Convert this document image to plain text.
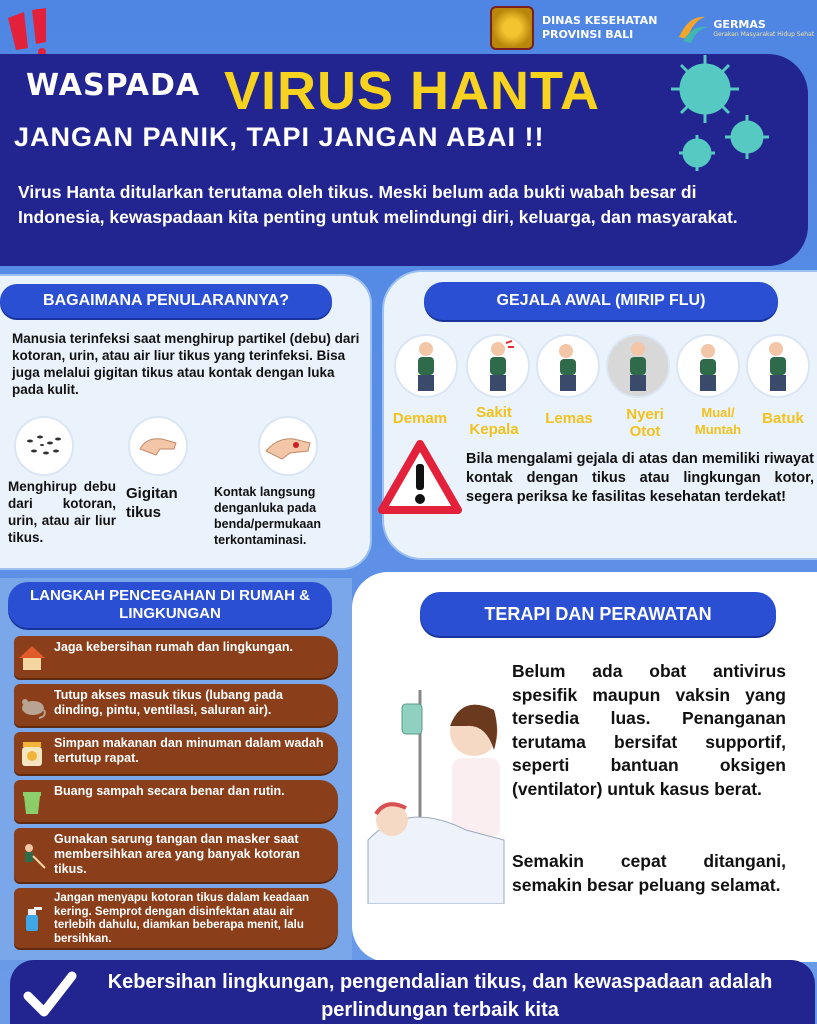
DINAS KESEHATAN
PROVINSI BALI
GERMAS
Gerakan Masyarakat Hidup Sehat
WASPADA VIRUS HANTA
JANGAN PANIK, TAPI JANGAN ABAI !!
Virus Hanta ditularkan terutama oleh tikus. Meski belum ada bukti wabah besar di Indonesia, kewaspadaan kita penting untuk melindungi diri, keluarga, dan masyarakat.
BAGAIMANA PENULARANNYA?
Manusia terinfeksi saat menghirup partikel (debu) dari kotoran, urin, atau air liur tikus yang terinfeksi. Bisa juga melalui gigitan tikus atau kontak dengan luka pada kulit.
Menghirup debu dari kotoran, urin, atau air liur tikus.
Gigitan tikus
Kontak langsung denganluka pada benda/permukaan terkontaminasi.
GEJALA AWAL (MIRIP FLU)
Demam	Sakit Kepala
Lemas	Nyeri Otot
Mual/ Muntah
Batuk
Bila mengalami gejala di atas dan memiliki riwayat kontak dengan tikus atau lingkungan kotor, segera periksa ke fasilitas kesehatan terdekat!
LANGKAH PENCEGAHAN DI RUMAH & LINGKUNGAN
Jaga kebersihan rumah dan lingkungan.
Tutup akses masuk tikus (lubang pada dinding, pintu, ventilasi, saluran air).
Simpan makanan dan minuman dalam wadah tertutup rapat.
Buang sampah secara benar dan rutin.
Gunakan sarung tangan dan masker saat membersihkan area yang banyak kotoran tikus.
Jangan menyapu kotoran tikus dalam keadaan kering. Semprot dengan disinfektan atau air terlebih dahulu, diamkan beberapa menit, lalu bersihkan.
TERAPI DAN PERAWATAN
Belum ada obat antivirus spesifik maupun vaksin yang tersedia luas. Penanganan terutama bersifat supportif, seperti bantuan oksigen (ventilator) untuk kasus berat.
Semakin cepat ditangani, semakin besar peluang selamat.
Kebersihan lingkungan, pengendalian tikus, dan kewaspadaan adalah perlindungan terbaik kita
